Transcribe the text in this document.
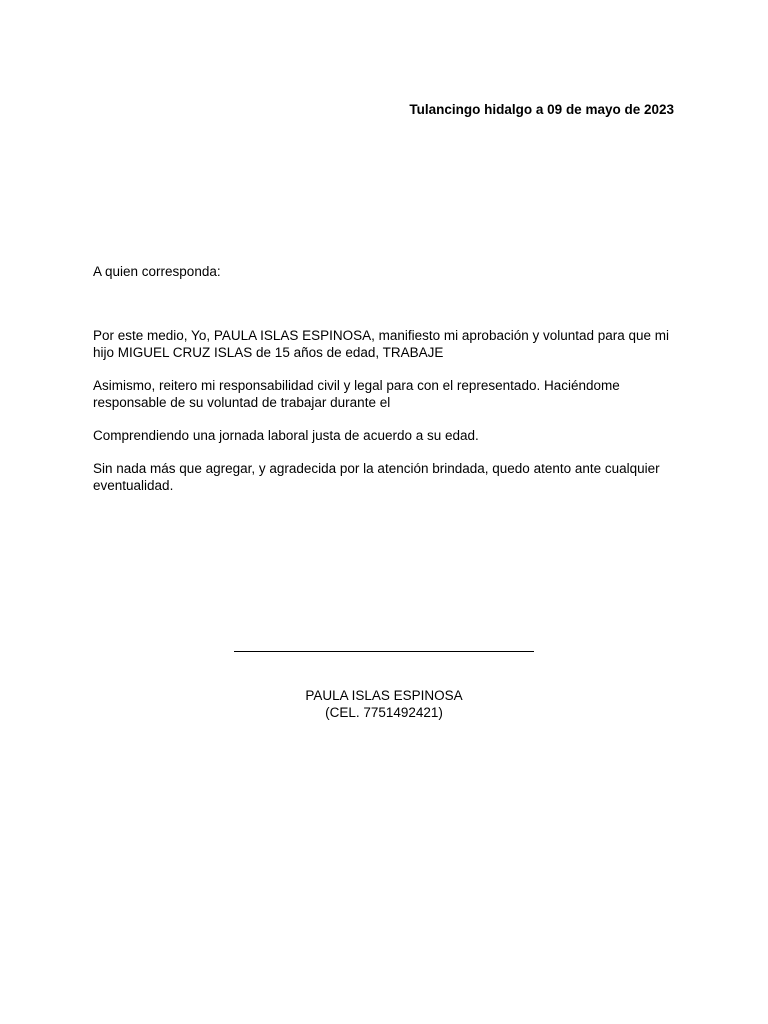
Tulancingo hidalgo a 09 de mayo de 2023
A quien corresponda:

Por este medio, Yo, PAULA ISLAS ESPINOSA, manifiesto mi aprobación y voluntad para que mi hijo MIGUEL CRUZ ISLAS de 15 años de edad, TRABAJE

Asimismo, reitero mi responsabilidad civil y legal para con el representado. Haciéndome responsable de su voluntad de trabajar durante el

Comprendiendo una jornada laboral justa de acuerdo a su edad.

Sin nada más que agregar, y agradecida por la atención brindada, quedo atento ante cualquier eventualidad.

PAULA ISLAS ESPINOSA
(CEL. 7751492421)
